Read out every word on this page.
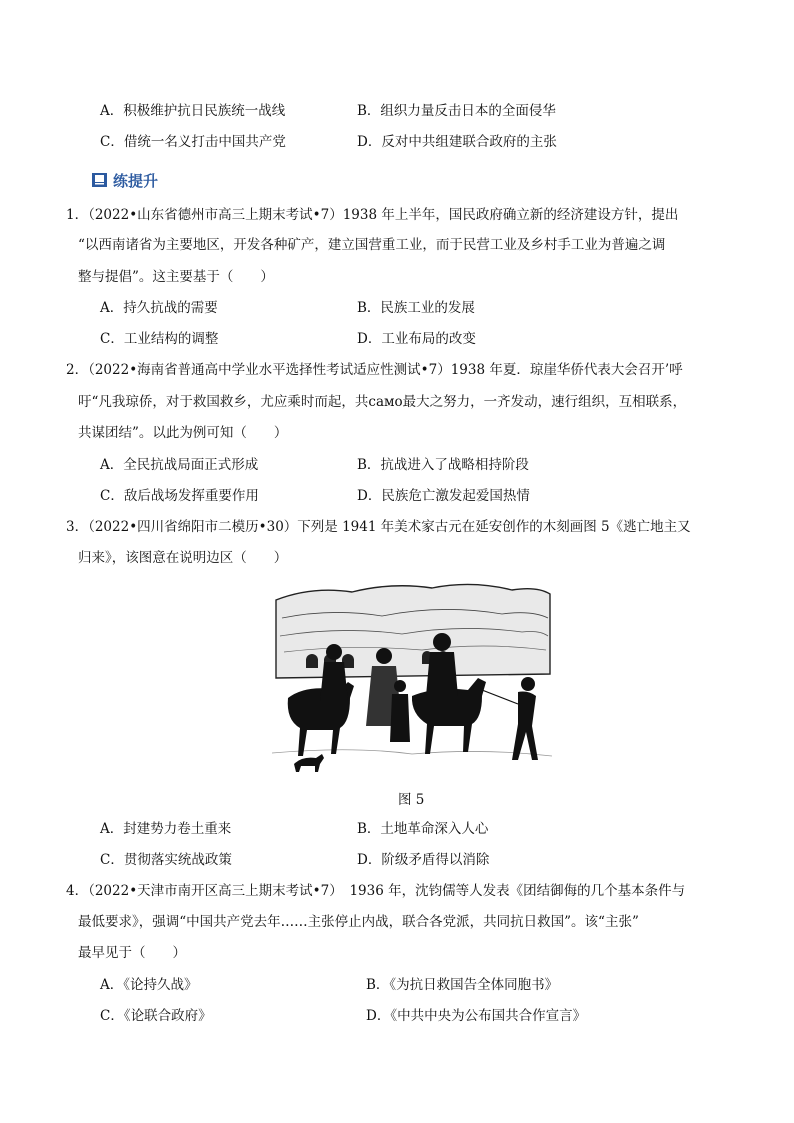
A．积极维护抗日民族统一战线	B．组织力量反击日本的全面侵华
C．借统一名义打击中国共产党	D．反对中共组建联合政府的主张
练提升
1．（2022•山东省德州市高三上期末考试•7）1938 年上半年，国民政府确立新的经济建设方针，提出
“以西南诸省为主要地区，开发各种矿产，建立国营重工业，而于民营工业及乡村手工业为普遍之调
整与提倡”。这主要基于（　　）
A．持久抗战的需要	B．民族工业的发展
C．工业结构的调整	D．工业布局的改变
2．（2022•海南省普通高中学业水平选择性考试适应性测试•7）1938 年夏．琼崖华侨代表大会召开’呼
吁“凡我琼侨，对于救国救乡，尤应乘时而起，共само最大之努力，一齐发动，速行组织，互相联系，
共谋团结”。以此为例可知（　　）
A．全民抗战局面正式形成	B．抗战进入了战略相持阶段
C．敌后战场发挥重要作用	D．民族危亡激发起爱国热情
3．（2022•四川省绵阳市二模历•30）下列是 1941 年美术家古元在延安创作的木刻画图 5《逃亡地主又
归来》，该图意在说明边区（　　）
图 5
A．封建势力卷土重来	B．土地革命深入人心
C．贯彻落实统战政策	D．阶级矛盾得以消除
4．（2022•天津市南开区高三上期末考试•7）　1936 年，沈钧儒等人发表《团结御侮的几个基本条件与
最低要求》，强调“中国共产党去年……主张停止内战，联合各党派，共同抗日救国”。该“主张”
最早见于（　　）
A．《论持久战》	B．《为抗日救国告全体同胞书》
C．《论联合政府》	D．《中共中央为公布国共合作宣言》
